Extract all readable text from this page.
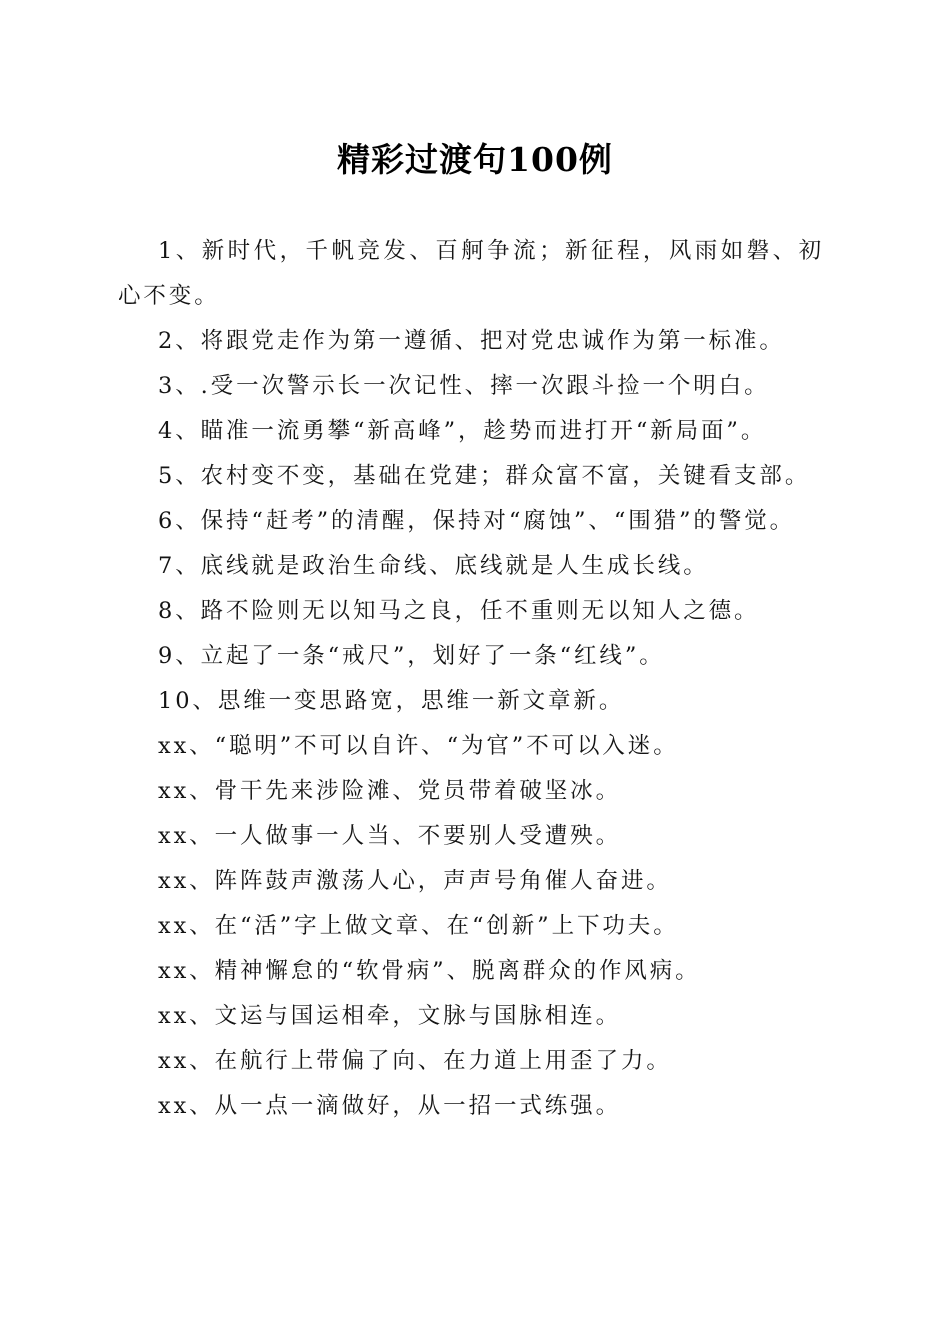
精彩过渡句100例

1、新时代，千帆竞发、百舸争流；新征程，风雨如磐、初心不变。

2、将跟党走作为第一遵循、把对党忠诚作为第一标准。

3、.受一次警示长一次记性、摔一次跟斗捡一个明白。

4、瞄准一流勇攀“新高峰”，趁势而进打开“新局面”。

5、农村变不变，基础在党建；群众富不富，关键看支部。

6、保持“赶考”的清醒，保持对“腐蚀”、“围猎”的警觉。

7、底线就是政治生命线、底线就是人生成长线。

8、路不险则无以知马之良，任不重则无以知人之德。

9、立起了一条“戒尺”，划好了一条“红线”。

10、思维一变思路宽，思维一新文章新。

xx、“聪明”不可以自许、“为官”不可以入迷。

xx、骨干先来涉险滩、党员带着破坚冰。

xx、一人做事一人当、不要别人受遭殃。

xx、阵阵鼓声激荡人心，声声号角催人奋进。

xx、在“活”字上做文章、在“创新”上下功夫。

xx、精神懈怠的“软骨病”、脱离群众的作风病。

xx、文运与国运相牵，文脉与国脉相连。

xx、在航行上带偏了向、在力道上用歪了力。

xx、从一点一滴做好，从一招一式练强。
